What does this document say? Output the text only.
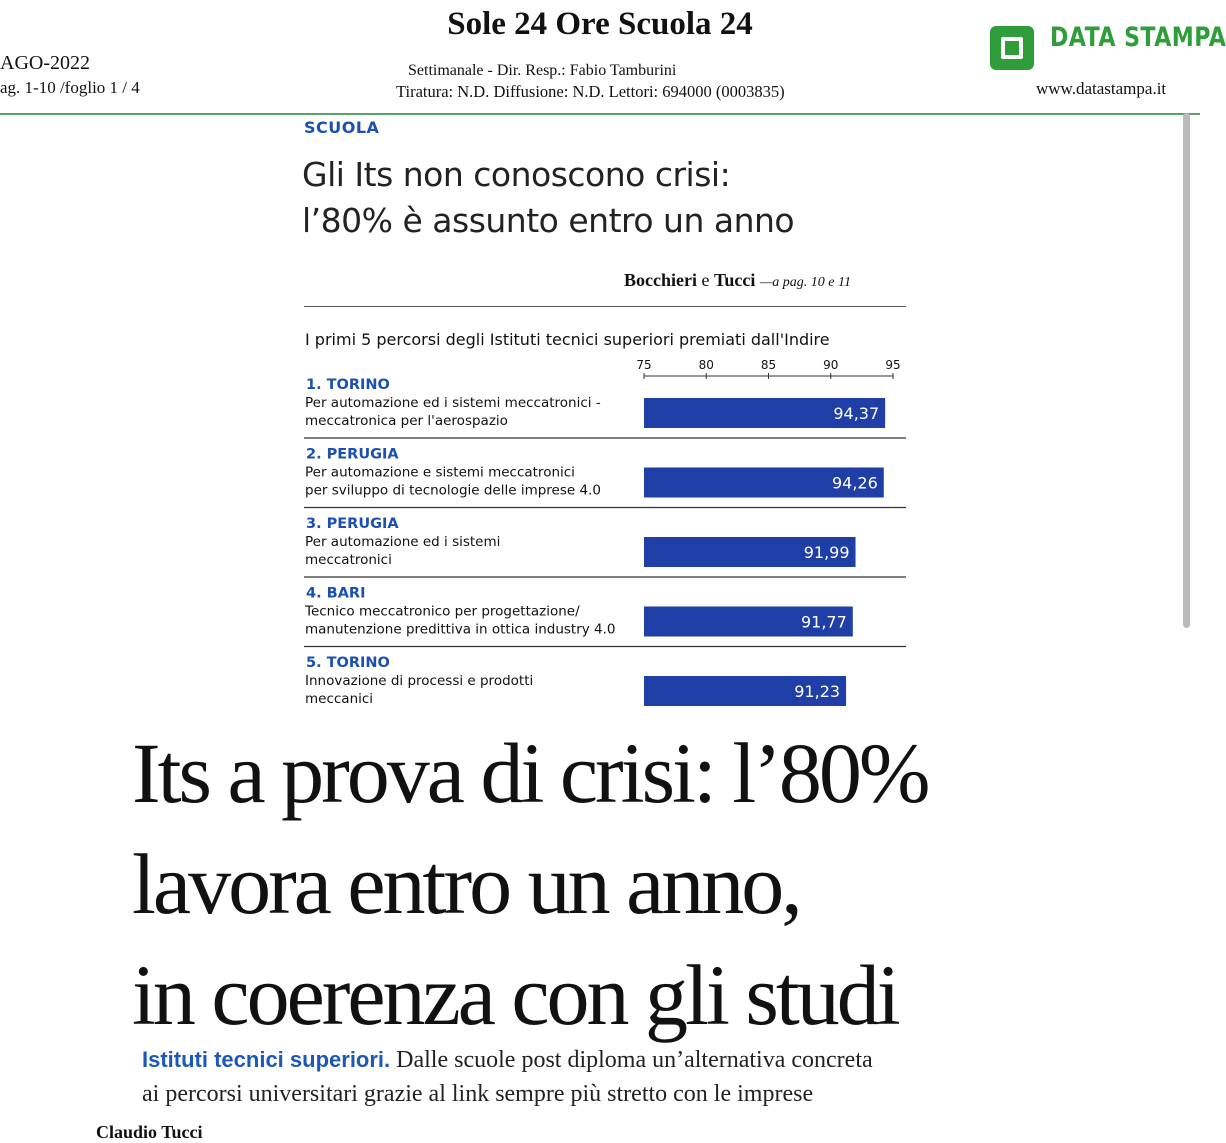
Sole 24 Ore Scuola 24
AGO-2022
ag. 1-10 /foglio 1 / 4
Settimanale - Dir. Resp.: Fabio Tamburini
Tiratura: N.D. Diffusione: N.D. Lettori: 694000 (0003835)
DATA STAMPA
www.datastampa.it
SCUOLA
Gli Its non conoscono crisi:
l’80% è assunto entro un anno
Bocchieri e Tucci —a pag. 10 e 11
I primi 5 percorsi degli Istituti tecnici superiori premiati dall'Indire
75	80	85	90	95
1. TORINO
Per automazione ed i sistemi meccatronici -
meccatronica per l'aerospazio	94,37
2. PERUGIA
Per automazione e sistemi meccatronici
per sviluppo di tecnologie delle imprese 4.0	94,26
3. PERUGIA
Per automazione ed i sistemi
meccatronici	91,99
4. BARI
Tecnico meccatronico per progettazione/
manutenzione predittiva in ottica industry 4.0	91,77
5. TORINO
Innovazione di processi e prodotti
meccanici	91,23
Its a prova di crisi: l’80%
lavora entro un anno,
in coerenza con gli studi
Istituti tecnici superiori. Dalle scuole post diploma un’alternativa concreta
ai percorsi universitari grazie al link sempre più stretto con le imprese
Claudio Tucci
